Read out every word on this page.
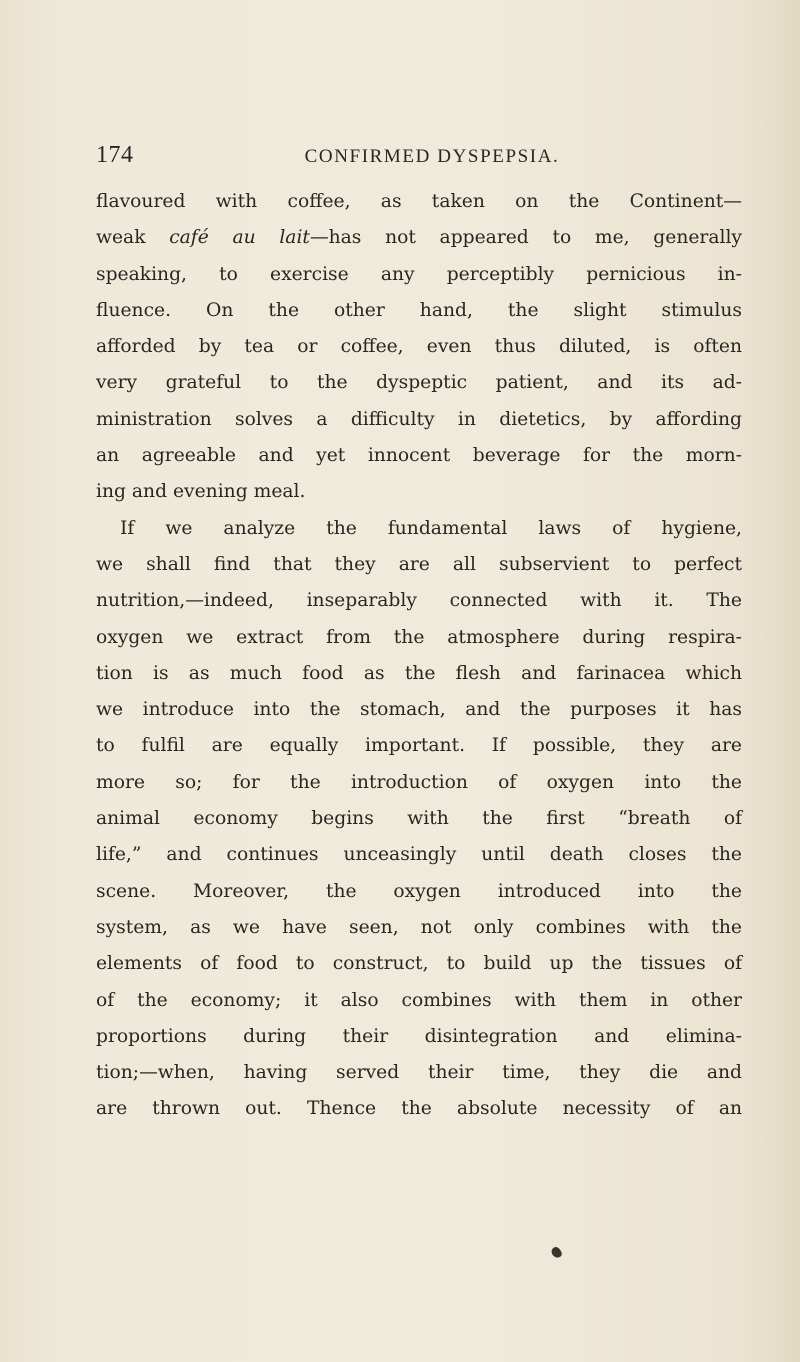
174	CONFIRMED DYSPEPSIA.
flavoured with coffee, as taken on the Continent—
weak café au lait—has not appeared to me, generally
speaking, to exercise any perceptibly pernicious in-
fluence. On the other hand, the slight stimulus
afforded by tea or coffee, even thus diluted, is often
very grateful to the dyspeptic patient, and its ad-
ministration solves a difficulty in dietetics, by affording
an agreeable and yet innocent beverage for the morn-
ing and evening meal.
If we analyze the fundamental laws of hygiene,
we shall find that they are all subservient to perfect
nutrition,—indeed, inseparably connected with it. The
oxygen we extract from the atmosphere during respira-
tion is as much food as the flesh and farinacea which
we introduce into the stomach, and the purposes it has
to fulfil are equally important. If possible, they are
more so; for the introduction of oxygen into the
animal economy begins with the first “breath of
life,” and continues unceasingly until death closes the
scene. Moreover, the oxygen introduced into the
system, as we have seen, not only combines with the
elements of food to construct, to build up the tissues of
of the economy; it also combines with them in other
proportions during their disintegration and elimina-
tion;—when, having served their time, they die and
are thrown out. Thence the absolute necessity of an
